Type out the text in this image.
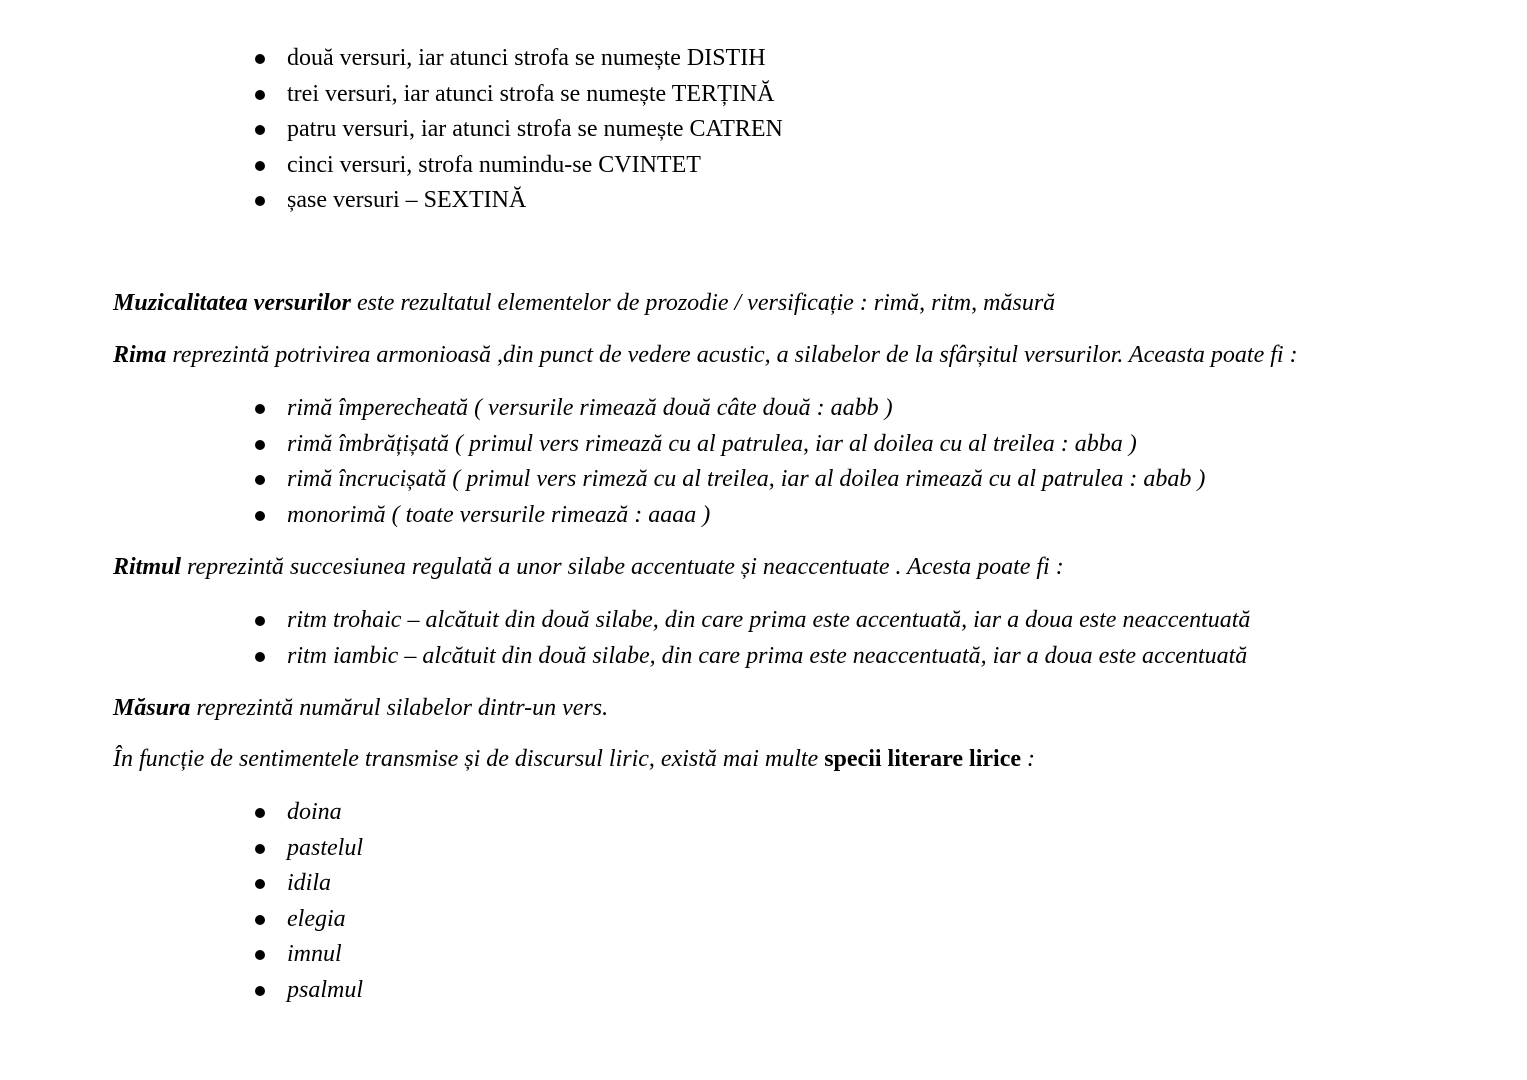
două versuri, iar atunci strofa se numește DISTIH
trei versuri, iar atunci strofa se numește TERȚINĂ
patru versuri, iar atunci strofa se numește CATREN
cinci versuri, strofa numindu-se CVINTET
șase versuri – SEXTINĂ

Muzicalitatea versurilor este rezultatul elementelor de prozodie / versificație : rimă, ritm, măsură

Rima reprezintă potrivirea armonioasă ,din punct de vedere acustic, a silabelor de la sfârșitul versurilor. Aceasta poate fi :

rimă împerecheată ( versurile rimează două câte două : aabb )
rimă îmbrățișată ( primul vers rimează cu al patrulea, iar al doilea cu al treilea : abba )
rimă încrucișată ( primul vers rimeză cu al treilea, iar al doilea rimează cu al patrulea : abab )
monorimă ( toate versurile rimează : aaaa )

Ritmul reprezintă succesiunea regulată a unor silabe accentuate și neaccentuate . Acesta poate fi :

ritm trohaic – alcătuit din două silabe, din care prima este accentuată, iar a doua este neaccentuată
ritm iambic – alcătuit din două silabe, din care prima este neaccentuată, iar a doua este accentuată

Măsura reprezintă numărul silabelor dintr-un vers.

În funcție de sentimentele transmise și de discursul liric, există mai multe specii literare lirice :

doina
pastelul
idila
elegia
imnul
psalmul
